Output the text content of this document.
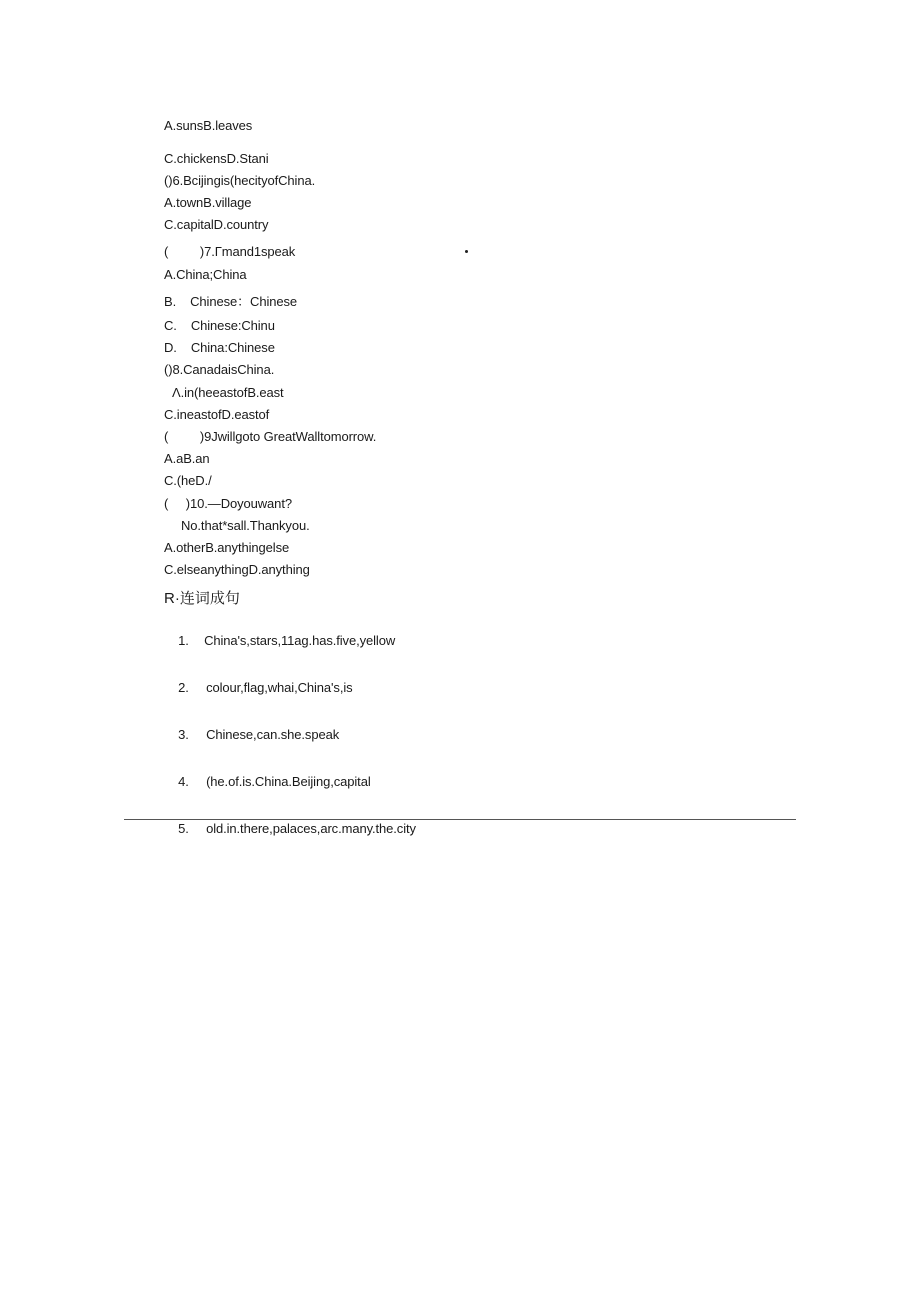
A.sunsB.leaves
C.chickensD.Stani
()6.Bcijingis(hecityofChina.
A.townB.village
C.capitalD.country
(         )7.Γmand1speak
A.China;China
B.    Chinese：Chinese
C.    Chinese:Chinu
D.    China:Chinese
()8.CanadaisChina.
Λ.in(heeastofB.east
C.ineastofD.eastof
(         )9Jwillgoto GreatWalltomorrow.
A.aB.an
C.(heD./
(     )10.—Doyouwant?
No.that*sall.Thankyou.
A.otherB.anythingelse
C.elseanythingD.anything
R·连词成句

1. China's,stars,11ag.has.five,yellow

2. colour,flag,whai,China's,is

3. Chinese,can.she.speak

4. (he.of.is.China.Beijing,capital

5. old.in.there,palaces,arc.many.the.city
